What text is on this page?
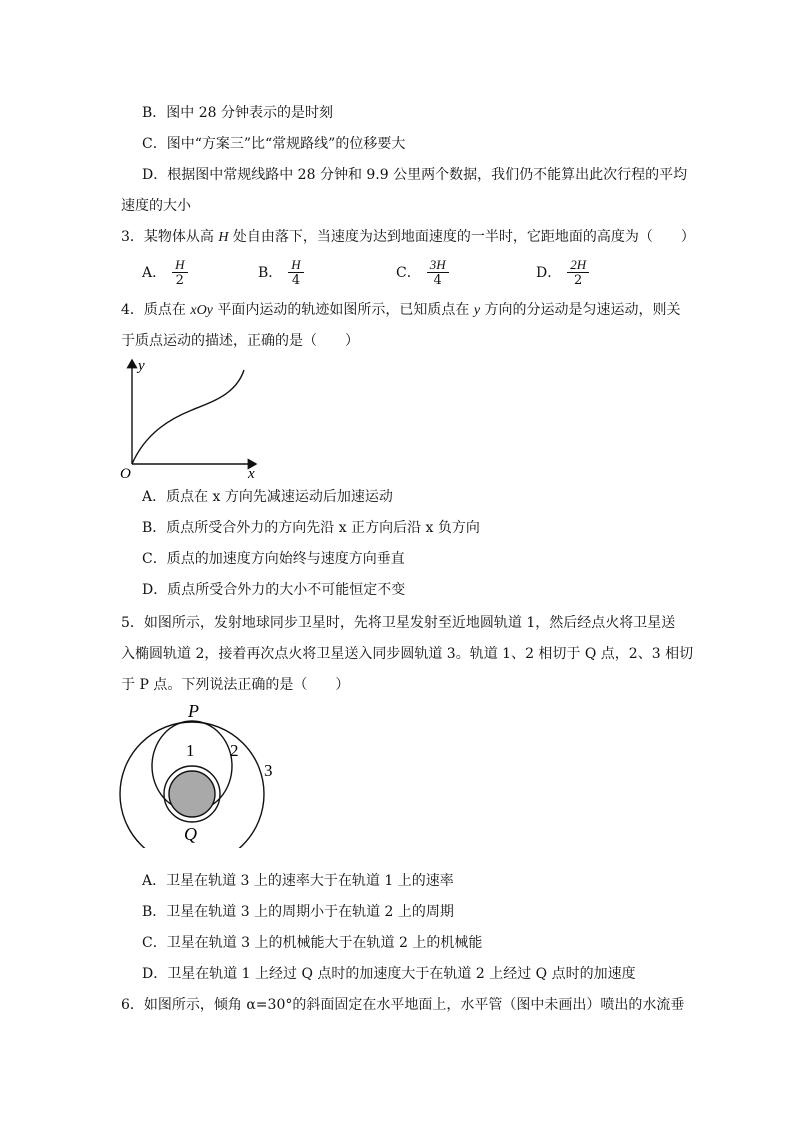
B．图中 28 分钟表示的是时刻
C．图中“方案三”比“常规路线”的位移要大
D．根据图中常规线路中 28 分钟和 9.9 公里两个数据，我们仍不能算出此次行程的平均
速度的大小
3．某物体从高 H 处自由落下，当速度为达到地面速度的一半时，它距地面的高度为（　　）
A． $\frac{H}{2}$	B． $\frac{H}{4}$	C． $\frac{3H}{4}$	D． $\frac{2H}{2}$
4．质点在 xOy 平面内运动的轨迹如图所示，已知质点在 y 方向的分运动是匀速运动，则关
于质点运动的描述，正确的是（　　）
y
x
O
A．质点在 x 方向先减速运动后加速运动
B．质点所受合外力的方向先沿 x 正方向后沿 x 负方向
C．质点的加速度方向始终与速度方向垂直
D．质点所受合外力的大小不可能恒定不变
5．如图所示，发射地球同步卫星时，先将卫星发射至近地圆轨道 1，然后经点火将卫星送
入椭圆轨道 2，接着再次点火将卫星送入同步圆轨道 3。轨道 1、2 相切于 Q 点，2、3 相切
于 P 点。下列说法正确的是（　　）
P
Q
1 2
3
A．卫星在轨道 3 上的速率大于在轨道 1 上的速率
B．卫星在轨道 3 上的周期小于在轨道 2 上的周期
C．卫星在轨道 3 上的机械能大于在轨道 2 上的机械能
D．卫星在轨道 1 上经过 Q 点时的加速度大于在轨道 2 上经过 Q 点时的加速度
6．如图所示，倾角 α=30°的斜面固定在水平地面上，水平管（图中未画出）喷出的水流垂
